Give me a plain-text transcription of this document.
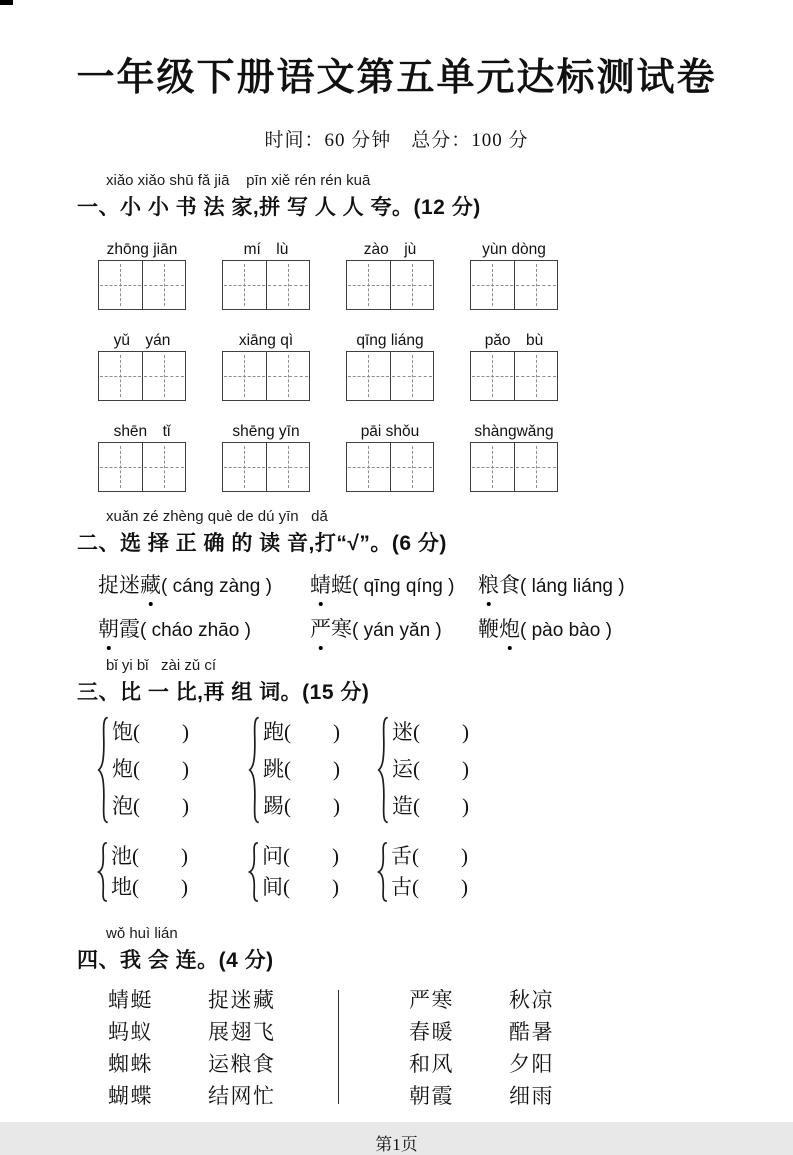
一年级下册语文第五单元达标测试卷
时间：60 分钟　总分：100 分
xiǎo xiǎo shū fǎ jiā    pīn xiě rén rén kuā
一、小 小 书 法 家,拼 写 人 人 夸。(12 分)
zhōng jiān	mí　lù	zào　jù	yùn dòng
yǔ　yán	xiāng qì	qīng liáng	pǎo　bù
shēn　tǐ	shēng yīn	pāi shǒu	shàngwǎng
xuǎn zé zhèng què de dú yīn   dǎ
二、选 择 正 确 的 读 音,打“√”。(6 分)
捉迷藏( cáng zàng )	蜻蜓( qīng qíng )	粮食( láng liáng )
朝霞( cháo zhāo )	严寒( yán yǎn )	鞭炮( pào bào )
bǐ yi bǐ   zài zǔ cí
三、比 一 比,再 组 词。(15 分)
饱(        )
炮(        )
泡(        )
跑(        )
跳(        )
踢(        )
迷(        )
运(        )
造(        )
池(        )
地(        )
问(        )
间(        )
舌(        )
古(        )
wǒ huì lián
四、我 会 连。(4 分)
蜻蜓
蚂蚁
蜘蛛
蝴蝶
捉迷藏
展翅飞
运粮食
结网忙
严寒
春暖
和风
朝霞
秋凉
酷暑
夕阳
细雨
第1页
